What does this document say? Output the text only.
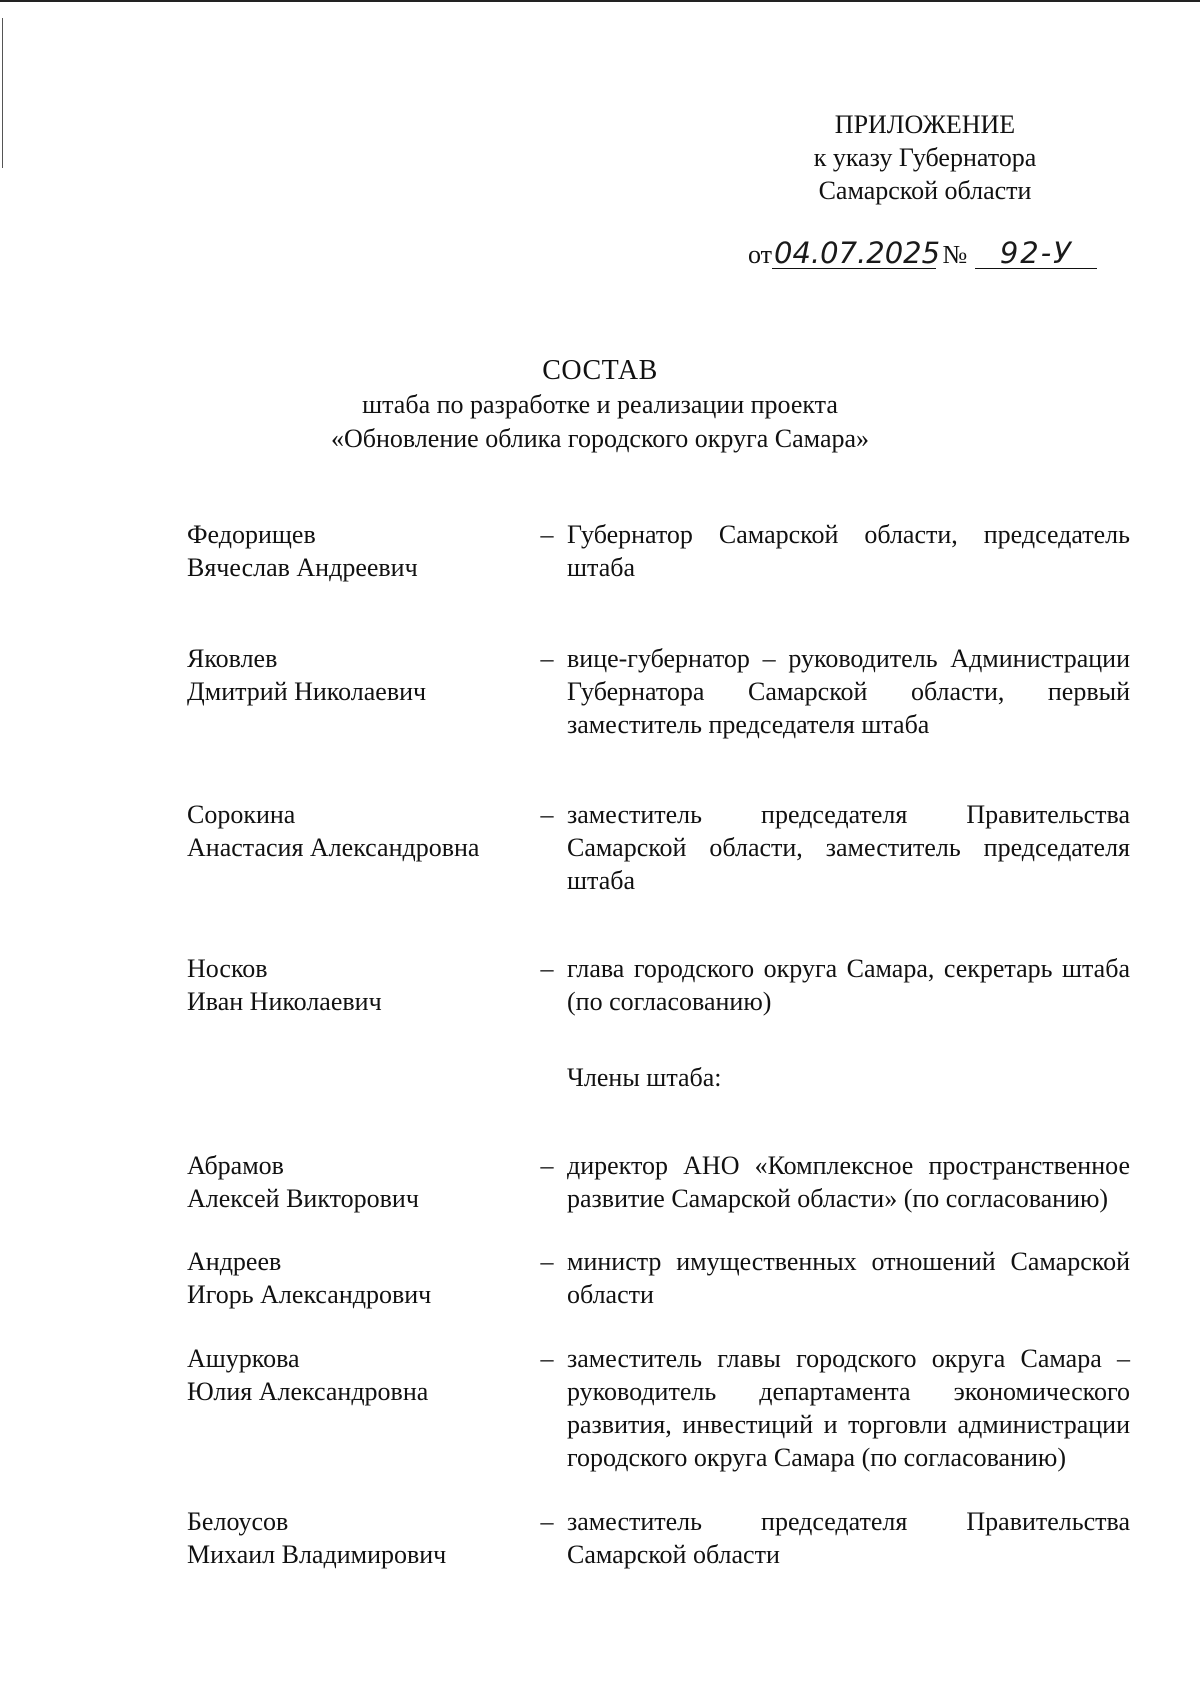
ПРИЛОЖЕНИЕ
к указу Губернатора
Самарской области
от04.07.2025 № 92-У
СОСТАВ
штаба по разработке и реализации проекта
«Обновление облика городского округа Самара»
Федорищев
Вячеслав Андреевич
– Губернатор Самарской области, председатель штаба
Яковлев
Дмитрий Николаевич
– вице-губернатор – руководитель Администрации Губернатора Самарской области, первый заместитель председателя штаба
Сорокина
Анастасия Александровна
– заместитель председателя Правительства Самарской области, заместитель председателя штаба
Носков
Иван Николаевич
– глава городского округа Самара, секретарь штаба (по согласованию)
Члены штаба:
Абрамов
Алексей Викторович
– директор АНО «Комплексное пространственное развитие Самарской области» (по согласованию)
Андреев
Игорь Александрович
– министр имущественных отношений Самарской области
Ашуркова
Юлия Александровна
– заместитель главы городского округа Самара – руководитель департамента экономического развития, инвестиций и торговли администрации городского округа Самара (по согласованию)
Белоусов
Михаил Владимирович
– заместитель председателя Правительства Самарской области
